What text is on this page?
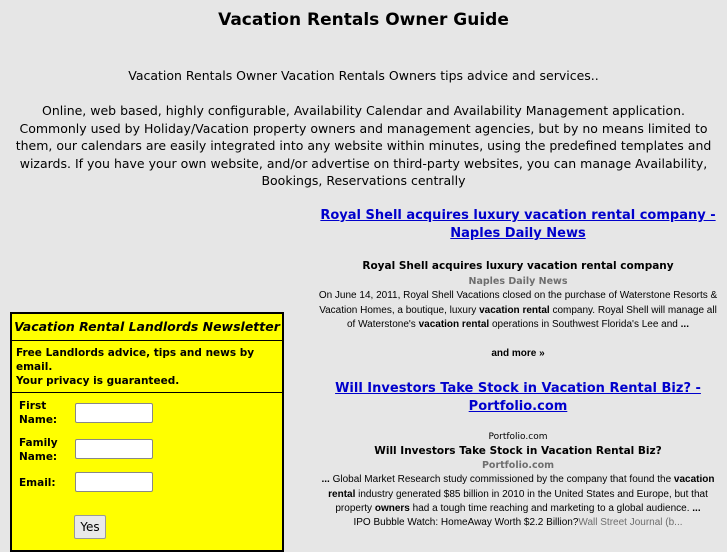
Vacation Rentals Owner Guide

Vacation Rentals Owner Vacation Rentals Owners tips advice and services..

Online, web based, highly configurable, Availability Calendar and Availability Management application. Commonly used by Holiday/Vacation property owners and management agencies, but by no means limited to them, our calendars are easily integrated into any website within minutes, using the predefined templates and wizards. If you have your own website, and/or advertise on third-party websites, you can manage Availability, Bookings, Reservations centrally

Vacation Rental Landlords Newsletter
Free Landlords advice, tips and news by email.
Your privacy is guaranteed.
First Name:
Family Name:
Email:
Yes
Royal Shell acquires luxury vacation rental company - Naples Daily News

Royal Shell acquires luxury vacation rental company

Naples Daily News

On June 14, 2011, Royal Shell Vacations closed on the purchase of Waterstone Resorts & Vacation Homes, a boutique, luxury vacation rental company. Royal Shell will manage all of Waterstone's vacation rental operations in Southwest Florida's Lee and ...

and more »
Will Investors Take Stock in Vacation Rental Biz? - Portfolio.com
Portfolio.com

Will Investors Take Stock in Vacation Rental Biz?

Portfolio.com

... Global Market Research study commissioned by the company that found the vacation rental industry generated $85 billion in 2010 in the United States and Europe, but that property owners had a tough time reaching and marketing to a global audience. ...

IPO Bubble Watch: HomeAway Worth $2.2 Billion?Wall Street Journal (b...
